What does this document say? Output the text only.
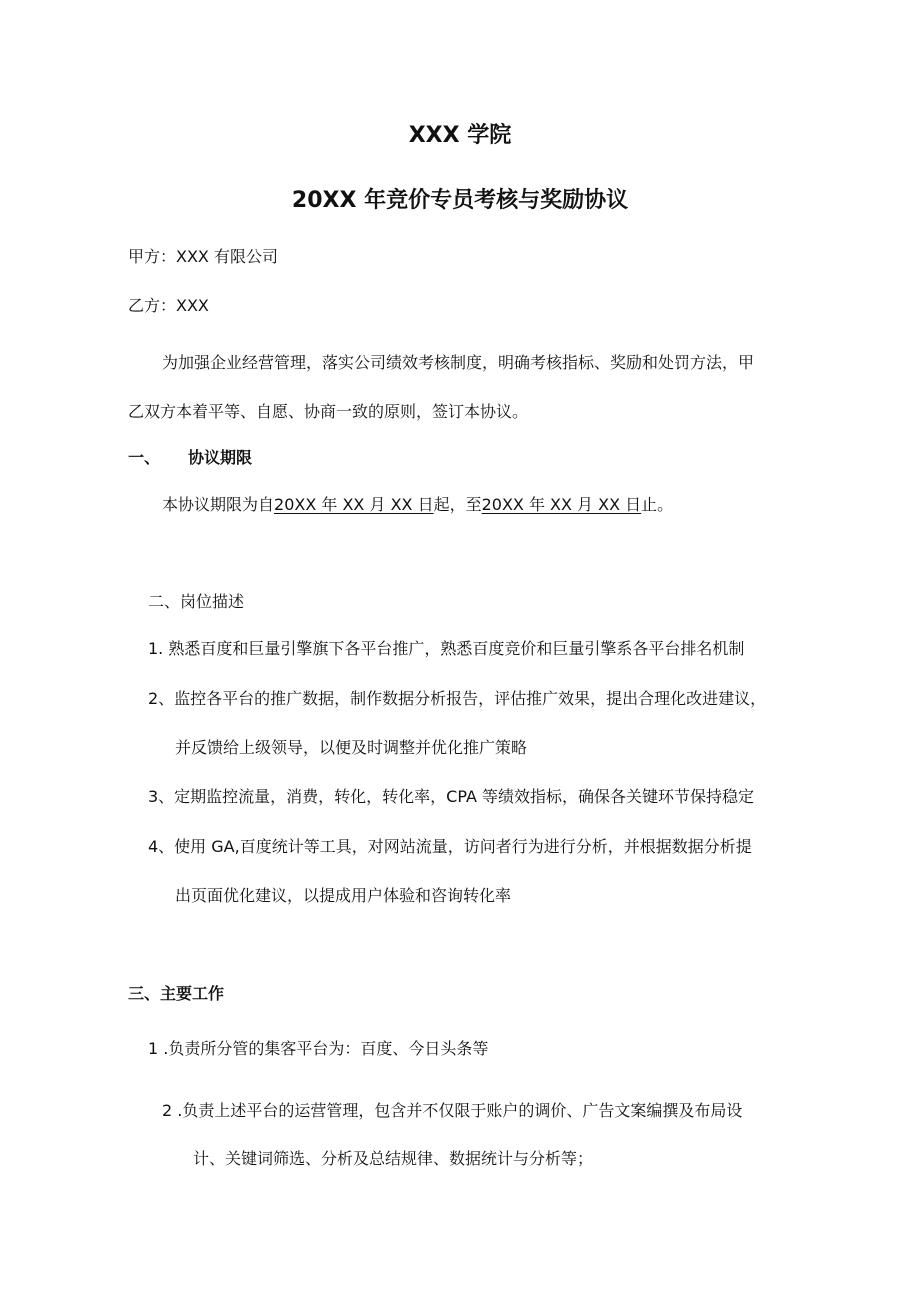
XXX 学院
20XX 年竞价专员考核与奖励协议
甲方：XXX 有限公司
乙方：XXX
为加强企业经营管理，落实公司绩效考核制度，明确考核指标、奖励和处罚方法，甲
乙双方本着平等、自愿、协商一致的原则，签订本协议。
一、 协议期限
本协议期限为自20XX 年 XX 月 XX 日起，至20XX 年 XX 月 XX 日止。
二、岗位描述
1. 熟悉百度和巨量引擎旗下各平台推广，熟悉百度竞价和巨量引擎系各平台排名机制
2、监控各平台的推广数据，制作数据分析报告，评估推广效果，提出合理化改进建议，
并反馈给上级领导，以便及时调整并优化推广策略
3、定期监控流量，消费，转化，转化率，CPA 等绩效指标，确保各关键环节保持稳定
4、使用 GA,百度统计等工具，对网站流量，访问者行为进行分析，并根据数据分析提
出页面优化建议，以提成用户体验和咨询转化率
三、主要工作
1 .负责所分管的集客平台为：百度、今日头条等
2 .负责上述平台的运营管理，包含并不仅限于账户的调价、广告文案编撰及布局设
计、关键词筛选、分析及总结规律、数据统计与分析等；
